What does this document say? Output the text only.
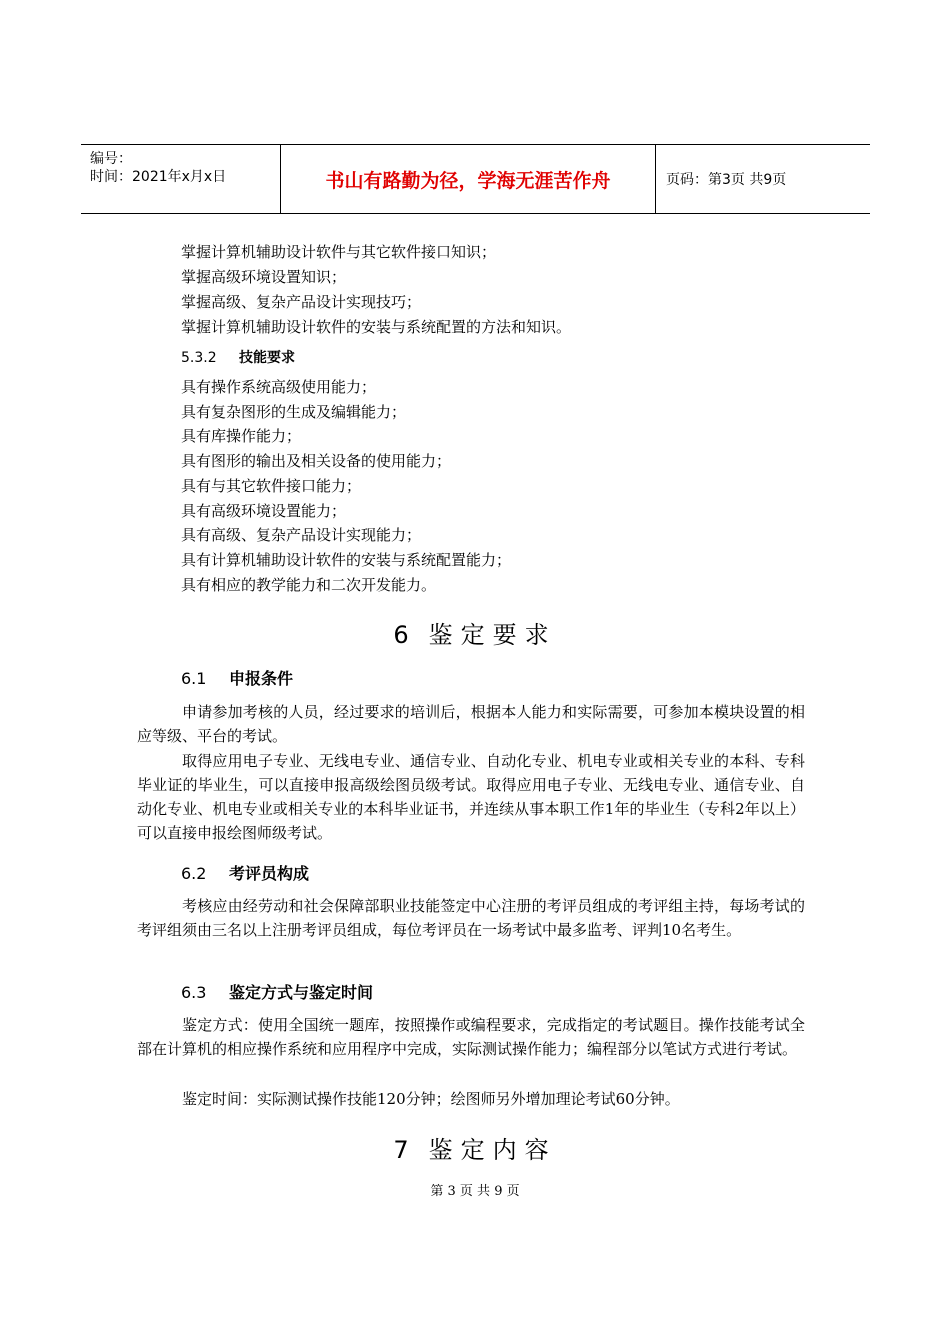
编号：
时间：2021年x月x日	书山有路勤为径，学海无涯苦作舟	页码：第3页 共9页
掌握计算机辅助设计软件与其它软件接口知识；
掌握高级环境设置知识；
掌握高级、复杂产品设计实现技巧；
掌握计算机辅助设计软件的安装与系统配置的方法和知识。
5.3.2 技能要求
具有操作系统高级使用能力；
具有复杂图形的生成及编辑能力；
具有库操作能力；
具有图形的输出及相关设备的使用能力；
具有与其它软件接口能力；
具有高级环境设置能力；
具有高级、复杂产品设计实现能力；
具有计算机辅助设计软件的安装与系统配置能力；
具有相应的教学能力和二次开发能力。
6 鉴定要求
6.1 申报条件
申请参加考核的人员，经过要求的培训后，根据本人能力和实际需要，可参加本模块设置的相应等级、平台的考试。
取得应用电子专业、无线电专业、通信专业、自动化专业、机电专业或相关专业的本科、专科毕业证的毕业生，可以直接申报高级绘图员级考试。取得应用电子专业、无线电专业、通信专业、自动化专业、机电专业或相关专业的本科毕业证书，并连续从事本职工作1年的毕业生（专科2年以上）可以直接申报绘图师级考试。
6.2 考评员构成
考核应由经劳动和社会保障部职业技能签定中心注册的考评员组成的考评组主持，每场考试的考评组须由三名以上注册考评员组成，每位考评员在一场考试中最多监考、评判10名考生。
6.3 鉴定方式与鉴定时间
鉴定方式：使用全国统一题库，按照操作或编程要求，完成指定的考试题目。操作技能考试全部在计算机的相应操作系统和应用程序中完成，实际测试操作能力；编程部分以笔试方式进行考试。
鉴定时间：实际测试操作技能120分钟；绘图师另外增加理论考试60分钟。
7 鉴定内容
第 3 页 共 9 页
